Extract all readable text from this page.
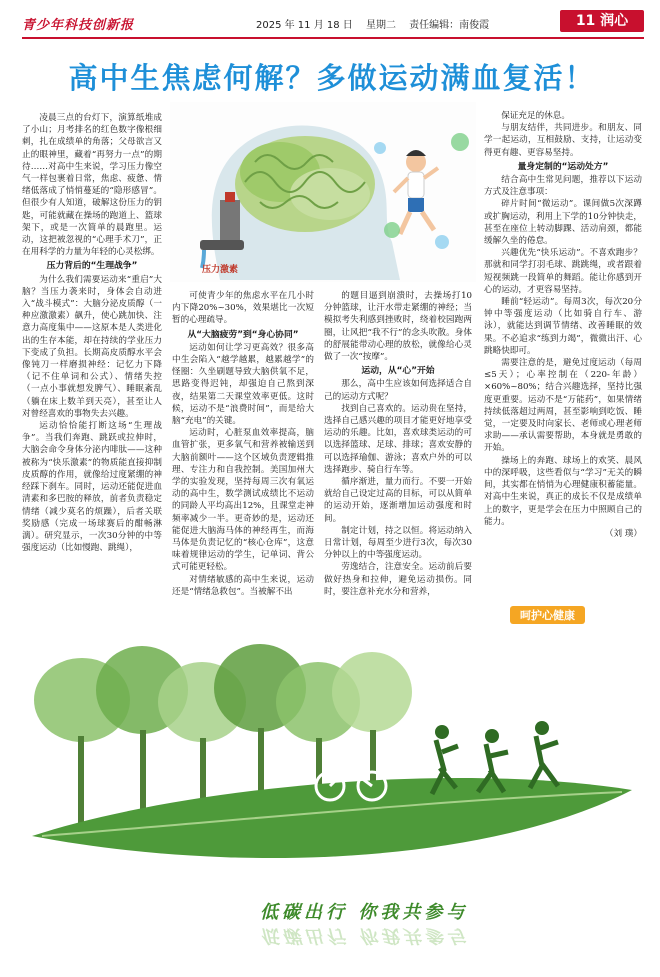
青少年科技创新报	2025 年 11 月 18 日 星期二 责任编辑：南俊霞	11 润心
高中生焦虑何解？多做运动满血复活！

凌晨三点的台灯下，演算纸堆成了小山；月考排名的红色数字像根细刺，扎在成绩单的角落；父母欲言又止的眼神里，藏着“再努力一点”的期待……对高中生来说，学习压力像空气一样包裹着日常，焦虑、疲惫、情绪低落成了悄悄蔓延的“隐形感冒”。但很少有人知道，破解这份压力的钥匙，可能就藏在操场的跑道上、篮球架下，或是一次简单的晨跑里。运动，这把被忽视的“心理手术刀”，正在用科学的力量为年轻的心灵松绑。

压力背后的“生理战争”

为什么我们需要运动来“重启”大脑？当压力袭来时，身体会自动进入“战斗模式”：大脑分泌皮质醇（一种应激激素）飙升，使心跳加快、注意力高度集中——这原本是人类进化出的生存本能，却在持续的学业压力下变成了负担。长期高皮质醇水平会像钝刀一样磨损神经：记忆力下降（记不住单词和公式）、情绪失控（一点小事就想发脾气）、睡眠紊乱（躺在床上数羊到天亮），甚至让人对曾经喜欢的事物失去兴趣。

运动恰恰能打断这场“生理战争”。当我们奔跑、跳跃或拉伸时，大脑会命令身体分泌内啡肽——这种被称为“快乐激素”的物质能直接抑制皮质醇的作用，就像给过度紧绷的神经踩下刹车。同时，运动还能促进血清素和多巴胺的释放，前者负责稳定情绪（减少莫名的烦躁），后者关联奖励感（完成一场球赛后的酣畅淋漓）。研究显示，一次30分钟的中等强度运动（比如慢跑、跳绳），

压力激素

可使青少年的焦虑水平在几小时内下降20%~30%，效果堪比一次短暂的心理疏导。

从“大脑疲劳”到“身心协同”

运动如何让学习更高效？很多高中生会陷入“越学越累，越累越学”的怪圈：久坐刷题导致大脑供氧不足，思路变得迟钝，却强迫自己熬到深夜，结果第二天课堂效率更低。这时候，运动不是“浪费时间”，而是给大脑“充电”的关键。

运动时，心脏泵血效率提高，脑血管扩张，更多氧气和营养被输送到大脑前额叶——这个区域负责逻辑推理、专注力和自我控制。美国加州大学的实验发现，坚持每周三次有氧运动的高中生，数学测试成绩比不运动的同龄人平均高出12%，且课堂走神频率减少一半。更奇妙的是，运动还能促进大脑海马体的神经再生，而海马体是负责记忆的“核心仓库”，这意味着规律运动的学生，记单词、背公式可能更轻松。

对情绪敏感的高中生来说，运动还是“情绪急救包”。当被解不出

的题目逼到崩溃时，去操场打10分钟篮球，让汗水带走紧绷的神经；当模拟考失利感到挫败时，绕着校园跑两圈，让风把“我不行”的念头吹散。身体的舒展能带动心理的放松，就像给心灵做了一次“按摩”。

运动，从“心”开始

那么，高中生应该如何选择适合自己的运动方式呢？

找到自己喜欢的。运动贵在坚持，选择自己感兴趣的项目才能更好地享受运动的乐趣。比如，喜欢球类运动的可以选择篮球、足球、排球；喜欢安静的可以选择瑜伽、游泳；喜欢户外的可以选择跑步、骑自行车等。

循序渐进，量力而行。不要一开始就给自己设定过高的目标，可以从简单的运动开始，逐渐增加运动强度和时间。

制定计划，持之以恒。将运动纳入日常计划，每周至少进行3次，每次30分钟以上的中等强度运动。

劳逸结合，注意安全。运动前后要做好热身和拉伸，避免运动损伤。同时，要注意补充水分和营养，

保证充足的休息。

与朋友结伴，共同进步。和朋友、同学一起运动，互相鼓励、支持，让运动变得更有趣、更容易坚持。

量身定制的“运动处方”

结合高中生常见问题，推荐以下运动方式及注意事项：

碎片时间“微运动”。课间做5次深蹲或扩胸运动，利用上下学的10分钟快走，甚至在座位上转动脚踝、活动肩颈，都能缓解久坐的倦怠。

兴趣优先“快乐运动”。不喜欢跑步？那就和同学打羽毛球、跳跳绳，或者跟着短视频跳一段简单的舞蹈。能让你感到开心的运动，才更容易坚持。

睡前“轻运动”。每周3次，每次20分钟中等强度运动（比如骑自行车、游泳），就能达到调节情绪、改善睡眠的效果。不必追求“练到力竭”，微微出汗、心跳略快即可。

需要注意的是，避免过度运动（每周≤5天）；心率控制在（220-年龄）×60%~80%；结合兴趣选择，坚持比强度更重要。运动不是“万能药”，如果情绪持续低落超过两周，甚至影响到吃饭、睡觉，一定要及时向家长、老师或心理老师求助——承认需要帮助，本身就是勇敢的开始。

操场上的奔跑、球场上的欢笑、晨风中的深呼吸，这些看似与“学习”无关的瞬间，其实都在悄悄为心理健康积蓄能量。对高中生来说，真正的成长不仅是成绩单上的数字，更是学会在压力中照顾自己的能力。

（刘 璞）
呵护心健康
低碳出行 你我共参与
低碳出行 你我共参与
